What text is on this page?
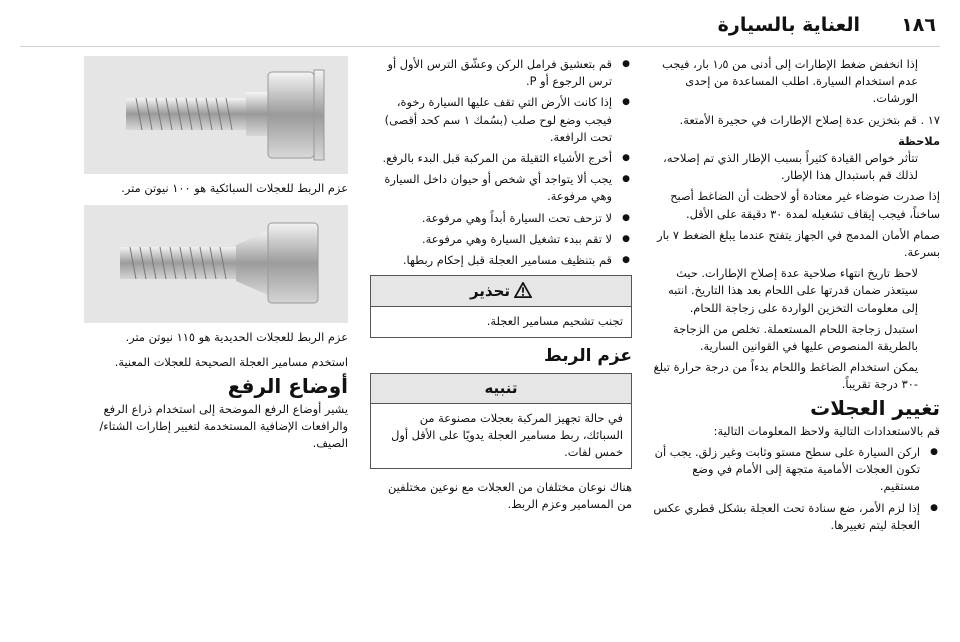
العناية بالسيارة ١٨٦

إذا انخفض ضغط الإطارات إلى أدنى من ١٫٥ بار، فيجب عدم استخدام السيارة. اطلب المساعدة من إحدى الورشات.

١٧ . قم بتخزين عدة إصلاح الإطارات في حجيرة الأمتعة.

ملاحظة

تتأثر خواص القيادة كثيراً بسبب الإطار الذي تم إصلاحه، لذلك قم باستبدال هذا الإطار.

إذا صدرت ضوضاء غير معتادة أو لاحظت أن الضاغط أصبح ساخناً، فيجب إيقاف تشغيله لمدة ٣٠ دقيقة على الأقل.

صمام الأمان المدمج في الجهاز يتفتح عندما يبلغ الضغط ٧ بار بسرعة.

لاحظ تاريخ انتهاء صلاحية عدة إصلاح الإطارات. حيث سيتعذر ضمان قدرتها على اللحام بعد هذا التاريخ. انتبه إلى معلومات التخزين الواردة على زجاجة اللحام.

استبدل زجاجة اللحام المستعملة. تخلص من الزجاجة بالطريقة المنصوص عليها في القوانين السارية.

يمكن استخدام الضاغط واللحام بدءاً من درجة حرارة تبلغ -٣٠ درجة تقريباً.

تغيير العجلات

قم بالاستعدادات التالية ولاحظ المعلومات التالية:

● اركن السيارة على سطح مستو وثابت وغير زلق. يجب أن تكون العجلات الأمامية متجهة إلى الأمام في وضع مستقيم.
● إذا لزم الأمر، ضع سنادة تحت العجلة بشكل قطري عكس العجلة ليتم تغييرها.
● قم بتعشيق فرامل الركن وعشّق الترس الأول أو ترس الرجوع أو P.
● إذا كانت الأرض التي تقف عليها السيارة رخوة، فيجب وضع لوح صلب (بسُمك ١ سم كحد أقصى) تحت الرافعة.
● أخرج الأشياء الثقيلة من المركبة قبل البدء بالرفع.
● يجب ألا يتواجد أي شخص أو حيوان داخل السيارة وهي مرفوعة.
● لا تزحف تحت السيارة أبداً وهي مرفوعة.
● لا تقم ببدء تشغيل السيارة وهي مرفوعة.
● قم بتنظيف مسامير العجلة قبل إحكام ربطها.
تحذير
تجنب تشحيم مسامير العجلة.
عزم الربط
تنبيه
في حالة تجهيز المركبة بعجلات مصنوعة من السبائك، ربط مسامير العجلة يدويًا على الأقل أول خمس لفات.

هناك نوعان مختلفان من العجلات مع نوعين مختلفين من المسامير وعزم الربط.

عزم الربط للعجلات السبائكية هو ١٠٠ نيوتن متر.

عزم الربط للعجلات الحديدية هو ١١٥ نيوتن متر.

استخدم مسامير العجلة الصحيحة للعجلات المعنية.

أوضاع الرفع

يشير أوضاع الرفع الموضحة إلى استخدام ذراع الرفع والرافعات الإضافية المستخدمة لتغيير إطارات الشتاء/ الصيف.
